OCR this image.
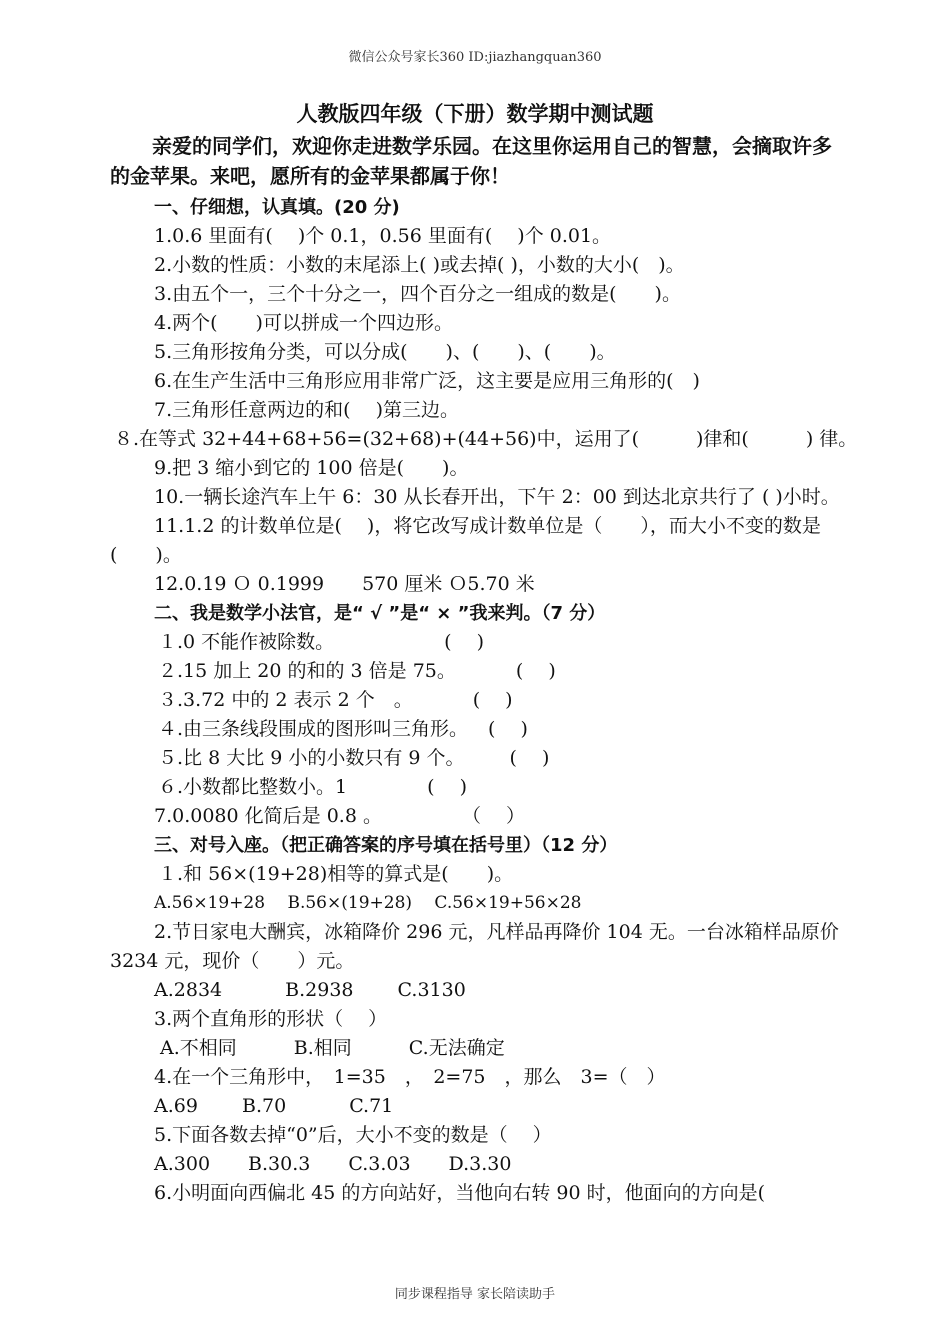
微信公众号家长360 ID:jiazhangquan360
人教版四年级（下册）数学期中测试题

亲爱的同学们，欢迎你走进数学乐园。在这里你运用自己的智慧，会摘取许多的金苹果。来吧，愿所有的金苹果都属于你！

一、仔细想，认真填。(20 分)
1.0.6 里面有(　 )个 0.1，0.56 里面有(　 )个 0.01。
2.小数的性质：小数的末尾添上( )或去掉( )，小数的大小(　)。
3.由五个一，三个十分之一，四个百分之一组成的数是(　　)。
4.两个(　　)可以拼成一个四边形。
5.三角形按角分类，可以分成(　　)、(　　)、(　　)。
6.在生产生活中三角形应用非常广泛，这主要是应用三角形的(　)
7.三角形任意两边的和(　 )第三边。
８.在等式 32+44+68+56=(32+68)+(44+56)中，运用了(　　　)律和(　　　) 律。
9.把 3 缩小到它的 100 倍是(　　)。
10.一辆长途汽车上午 6：30 从长春开出，下午 2：00 到达北京共行了 ( )小时。
11.1.2 的计数单位是(　 )，将它改写成计数单位是（　　），而大小不变的数是(　　)。
12.0.19 Ｏ 0.1999　　570 厘米 Ｏ5.70 米
二、我是数学小法官，是“ √ ”是“ × ”我来判。（7 分）
１.0 不能作被除数。	(　 )
２.15 加上 20 的和的 3 倍是 75。	(　 )
３.3.72 中的 2 表示 2 个　。	(　 )
４.由三条线段围成的图形叫三角形。 (　 )
５.比 8 大比 9 小的小数只有 9 个。 (　 )
６.小数都比整数小。1	(　 )
7.0.0080 化简后是 0.8 。	（　 ）
三、对号入座。（把正确答案的序号填在括号里）（12 分）
１.和 56×(19+28)相等的算式是(　　)。
A.56×19+28　 B.56×(19+28)　 C.56×19+56×28
2.节日家电大酬宾，冰箱降价 296 元，凡样品再降价 104 无。一台冰箱样品原价 3234 元，现价（　　）元。
A.2834　　　 B.2938　　 C.3130
3.两个直角形的形状（　 ）
A.不相同　　　B.相同　　　C.无法确定
4.在一个三角形中，　1=35　，　2=75　，那么　3=（　）
A.69　　 B.70　　　 C.71
5.下面各数去掉“0”后，大小不变的数是（　 ）
A.300　　B.30.3　　C.3.03　　D.3.30
6.小明面向西偏北 45 的方向站好，当他向右转 90 时，他面向的方向是(
同步课程指导 家长陪读助手
